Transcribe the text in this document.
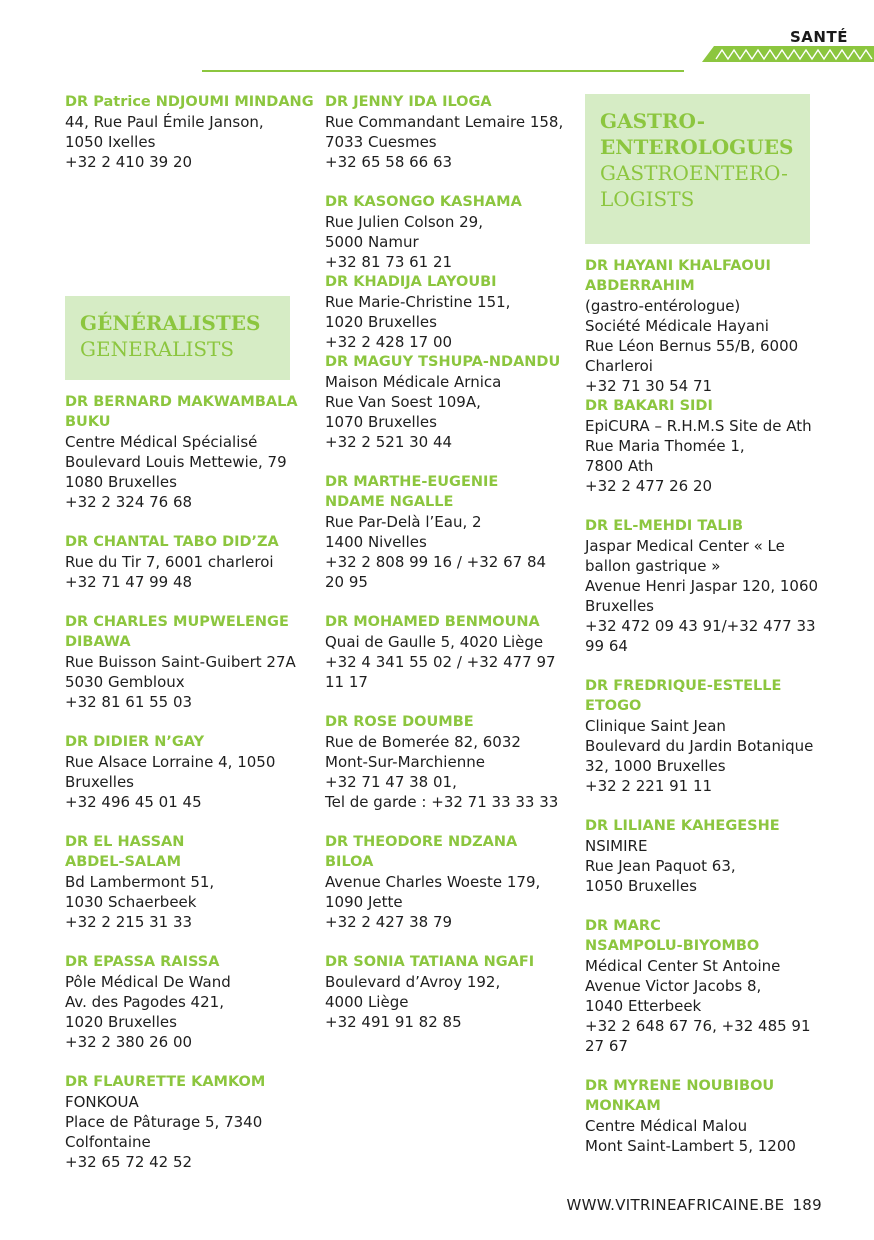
SANTÉ
DR Patrice NDJOUMI MINDANG
44, Rue Paul Émile Janson,
1050 Ixelles
+32 2 410 39 20
GÉNÉRALISTES
GENERALISTS
DR BERNARD MAKWAMBALA
BUKU
Centre Médical Spécialisé
Boulevard Louis Mettewie, 79
1080 Bruxelles
+32 2 324 76 68
DR CHANTAL TABO DID’ZA
Rue du Tir 7, 6001 charleroi
+32 71 47 99 48
DR CHARLES MUPWELENGE
DIBAWA
Rue Buisson Saint-Guibert 27A
5030 Gembloux
+32 81 61 55 03
DR DIDIER N’GAY
Rue Alsace Lorraine 4, 1050
Bruxelles
+32 496 45 01 45
DR EL HASSAN
ABDEL-SALAM
Bd Lambermont 51,
1030 Schaerbeek
+32 2 215 31 33
DR EPASSA RAISSA
Pôle Médical De Wand
Av. des Pagodes 421,
1020 Bruxelles
+32 2 380 26 00
DR FLAURETTE KAMKOM
FONKOUA
Place de Pâturage 5, 7340
Colfontaine
+32 65 72 42 52
DR JENNY IDA ILOGA
Rue Commandant Lemaire 158,
7033 Cuesmes
+32 65 58 66 63
DR KASONGO KASHAMA
Rue Julien Colson 29,
5000 Namur
+32 81 73 61 21
DR KHADIJA LAYOUBI
Rue Marie-Christine 151,
1020 Bruxelles
+32 2 428 17 00
DR MAGUY TSHUPA-NDANDU
Maison Médicale Arnica
Rue Van Soest 109A,
1070 Bruxelles
+32 2 521 30 44
DR MARTHE-EUGENIE
NDAME NGALLE
Rue Par-Delà l’Eau, 2
1400 Nivelles
+32 2 808 99 16 / +32 67 84
20 95
DR MOHAMED BENMOUNA
Quai de Gaulle 5, 4020 Liège
+32 4 341 55 02 / +32 477 97
11 17
DR ROSE DOUMBE
Rue de Bomerée 82, 6032
Mont-Sur-Marchienne
+32 71 47 38 01,
Tel de garde : +32 71 33 33 33
DR THEODORE NDZANA
BILOA
Avenue Charles Woeste 179,
1090 Jette
+32 2 427 38 79
DR SONIA TATIANA NGAFI
Boulevard d’Avroy 192,
4000 Liège
+32 491 91 82 85
GASTRO-
ENTEROLOGUES
GASTROENTERO-
LOGISTS
DR HAYANI KHALFAOUI
ABDERRAHIM
(gastro-entérologue)
Société Médicale Hayani
Rue Léon Bernus 55/B, 6000
Charleroi
+32 71 30 54 71
DR BAKARI SIDI
EpiCURA – R.H.M.S Site de Ath
Rue Maria Thomée 1,
7800 Ath
+32 2 477 26 20
DR EL-MEHDI TALIB
Jaspar Medical Center « Le
ballon gastrique »
Avenue Henri Jaspar 120, 1060
Bruxelles
+32 472 09 43 91/+32 477 33
99 64
DR FREDRIQUE-ESTELLE
ETOGO
Clinique Saint Jean
Boulevard du Jardin Botanique
32, 1000 Bruxelles
+32 2 221 91 11
DR LILIANE KAHEGESHE
NSIMIRE
Rue Jean Paquot 63,
1050 Bruxelles
DR MARC
NSAMPOLU-BIYOMBO
Médical Center St Antoine
Avenue Victor Jacobs 8,
1040 Etterbeek
+32 2 648 67 76, +32 485 91
27 67
DR MYRENE NOUBIBOU
MONKAM
Centre Médical Malou
Mont Saint-Lambert 5, 1200
WWW.VITRINEAFRICAINE.BE 189
